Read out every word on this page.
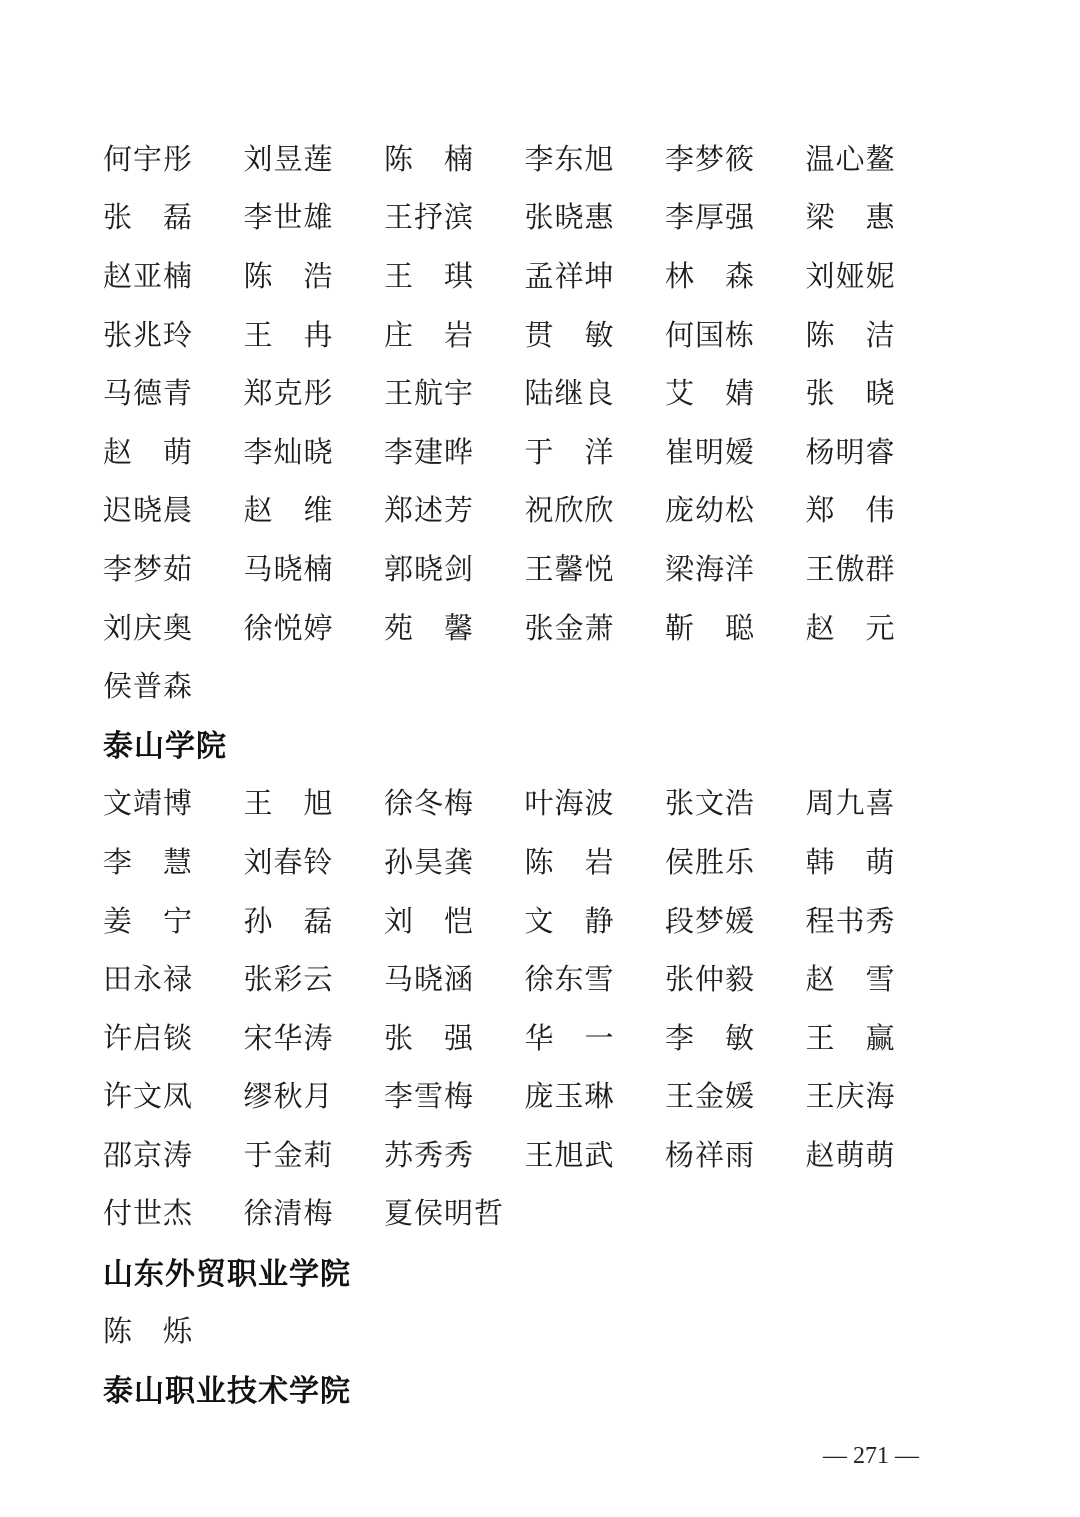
何宇彤	刘昱莲	陈　楠	李东旭	李梦筱	温心鳌
张　磊	李世雄	王抒滨	张晓惠	李厚强	梁　惠
赵亚楠	陈　浩	王　琪	孟祥坤	林　森	刘娅妮
张兆玲	王　冉	庄　岩	贯　敏	何国栋	陈　洁
马德青	郑克彤	王航宇	陆继良	艾　婧	张　晓
赵　萌	李灿晓	李建晔	于　洋	崔明嫒	杨明睿
迟晓晨	赵　维	郑述芳	祝欣欣	庞幼松	郑　伟
李梦茹	马晓楠	郭晓剑	王馨悦	梁海洋	王傲群
刘庆奥	徐悦婷	苑　馨	张金萧	靳　聪	赵　元
侯普森
泰山学院
文靖博	王　旭	徐冬梅	叶海波	张文浩	周九喜
李　慧	刘春铃	孙昊龚	陈　岩	侯胜乐	韩　萌
姜　宁	孙　磊	刘　恺	文　静	段梦媛	程书秀
田永禄	张彩云	马晓涵	徐东雪	张仲毅	赵　雪
许启锬	宋华涛	张　强	华　一	李　敏	王　赢
许文凤	缪秋月	李雪梅	庞玉琳	王金媛	王庆海
邵京涛	于金莉	苏秀秀	王旭武	杨祥雨	赵萌萌
付世杰	徐清梅	夏侯明哲
山东外贸职业学院
陈　烁
泰山职业技术学院
— 271 —
